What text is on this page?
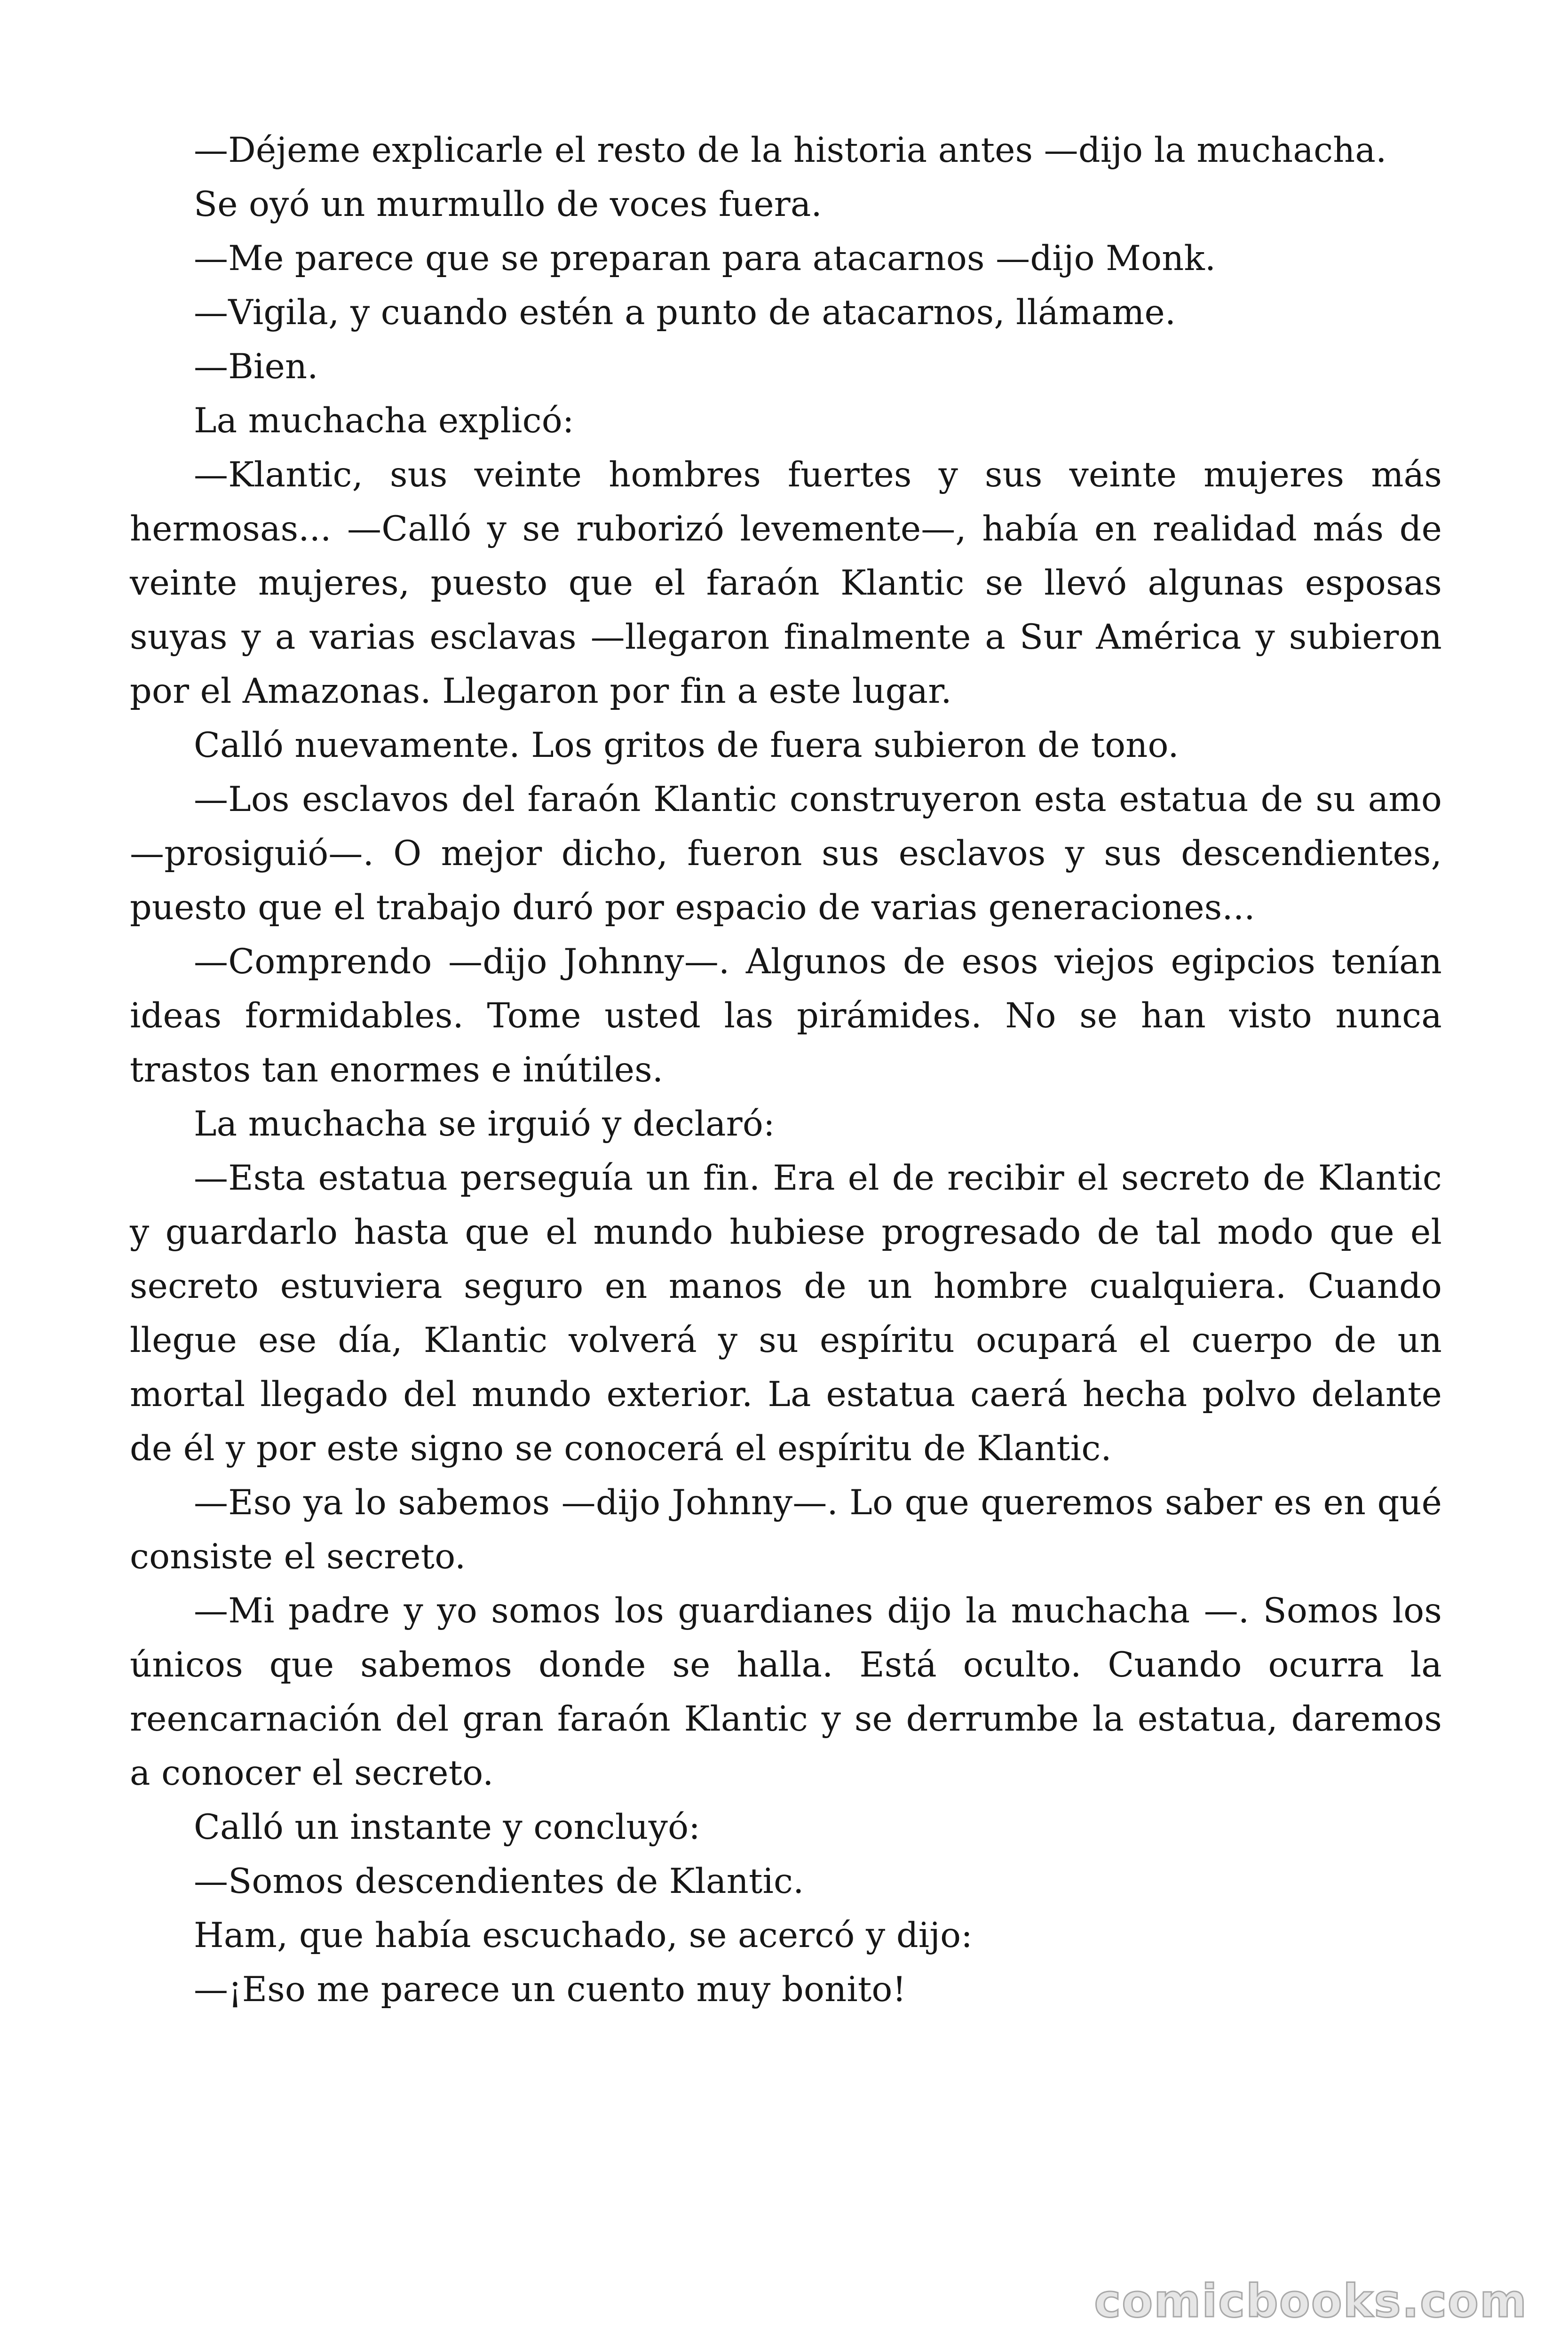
—Déjeme explicarle el resto de la historia antes —dijo la muchacha.

Se oyó un murmullo de voces fuera.

—Me parece que se preparan para atacarnos —dijo Monk.

—Vigila, y cuando estén a punto de atacarnos, llámame.

—Bien.

La muchacha explicó:

—Klantic, sus veinte hombres fuertes y sus veinte mujeres más hermosas... —Calló y se ruborizó levemente—, había en realidad más de veinte mujeres, puesto que el faraón Klantic se llevó algunas esposas suyas y a varias esclavas —llegaron finalmente a Sur América y subieron por el Amazonas. Llegaron por fin a este lugar.

Calló nuevamente. Los gritos de fuera subieron de tono.

—Los esclavos del faraón Klantic construyeron esta estatua de su amo —prosiguió—. O mejor dicho, fueron sus esclavos y sus descendientes, puesto que el trabajo duró por espacio de varias generaciones...

—Comprendo —dijo Johnny—. Algunos de esos viejos egipcios tenían ideas formidables. Tome usted las pirámides. No se han visto nunca trastos tan enormes e inútiles.

La muchacha se irguió y declaró:

—Esta estatua perseguía un fin. Era el de recibir el secreto de Klantic y guardarlo hasta que el mundo hubiese progresado de tal modo que el secreto estuviera seguro en manos de un hombre cualquiera. Cuando llegue ese día, Klantic volverá y su espíritu ocupará el cuerpo de un mortal llegado del mundo exterior. La estatua caerá hecha polvo delante de él y por este signo se conocerá el espíritu de Klantic.

—Eso ya lo sabemos —dijo Johnny—. Lo que queremos saber es en qué consiste el secreto.

—Mi padre y yo somos los guardianes dijo la muchacha —. Somos los únicos que sabemos donde se halla. Está oculto. Cuando ocurra la reencarnación del gran faraón Klantic y se derrumbe la estatua, daremos a conocer el secreto.

Calló un instante y concluyó:

—Somos descendientes de Klantic.

Ham, que había escuchado, se acercó y dijo:

—¡Eso me parece un cuento muy bonito!

comicbooks.com
